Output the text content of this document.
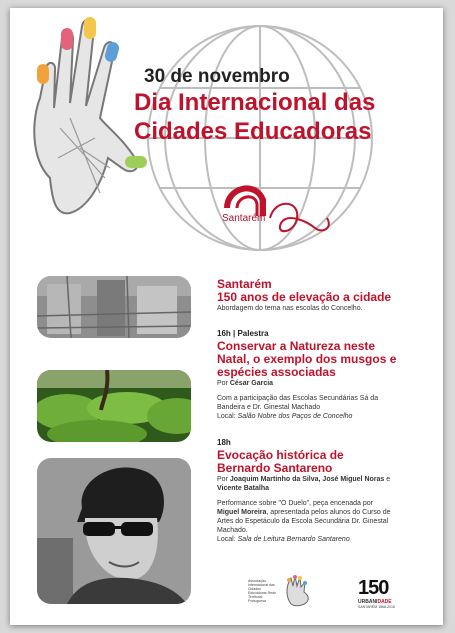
30 de novembro
Dia Internacional das
Cidades Educadoras
Santarém

Santarém

150 anos de elevação a cidade

Abordagem do tema nas escolas do Concelho.

16h | Palestra

Conservar a Natureza neste

Natal, o exemplo dos musgos e

espécies associadas

Por César Garcia

Com a participação das Escolas Secundárias Sá da

Bandeira e Dr. Ginestal Machado

Local: Salão Nobre dos Paços de Concelho

18h

Evocação histórica de

Bernardo Santareno

Por Joaquim Martinho da Silva, José Miguel Noras e

Vicente Batalha

Performance sobre "O Duelo", peça encenada por

Miguel Moreira, apresentada pelos alunos do Curso de

Artes do Espetáculo da Escola Secundária Dr. Ginestal

Machado.

Local: Sala de Leitura Bernardo Santareno

Associação Internacional das Cidades Educadoras Rede Territorial Portuguesa
150
URBANIDADE
SANTARÉM 1868-2018
